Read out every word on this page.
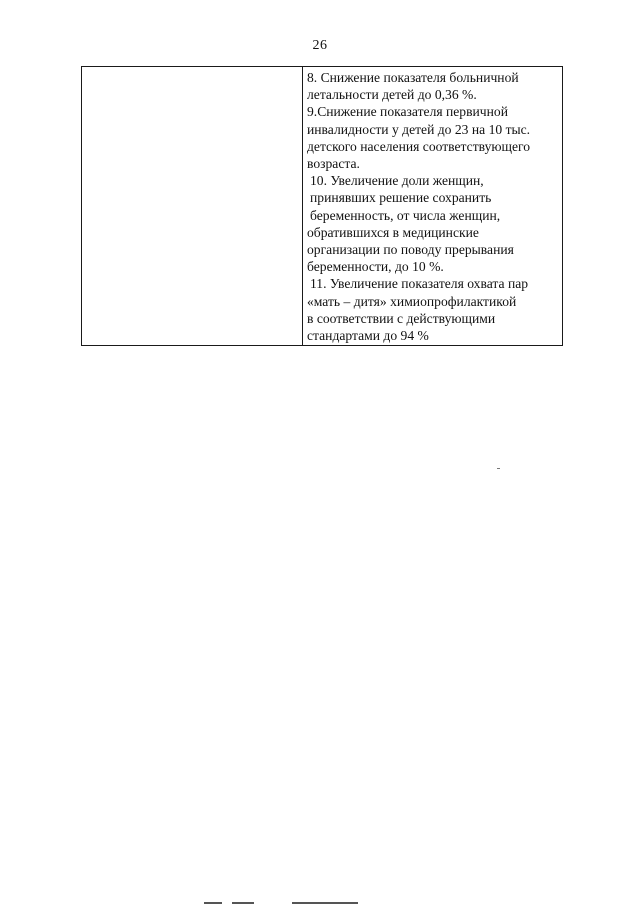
26
8. Снижение показателя больничной
летальности детей до 0,36 %.
9.Снижение показателя первичной
инвалидности у детей до 23 на 10 тыс.
детского населения соответствующего
возраста.
10. Увеличение доли женщин,
принявших решение сохранить
беременность, от числа женщин,
обратившихся в медицинские
организации по поводу прерывания
беременности, до 10 %.
11. Увеличение показателя охвата пар
«мать – дитя» химиопрофилактикой
в соответствии с действующими
стандартами до 94 %
